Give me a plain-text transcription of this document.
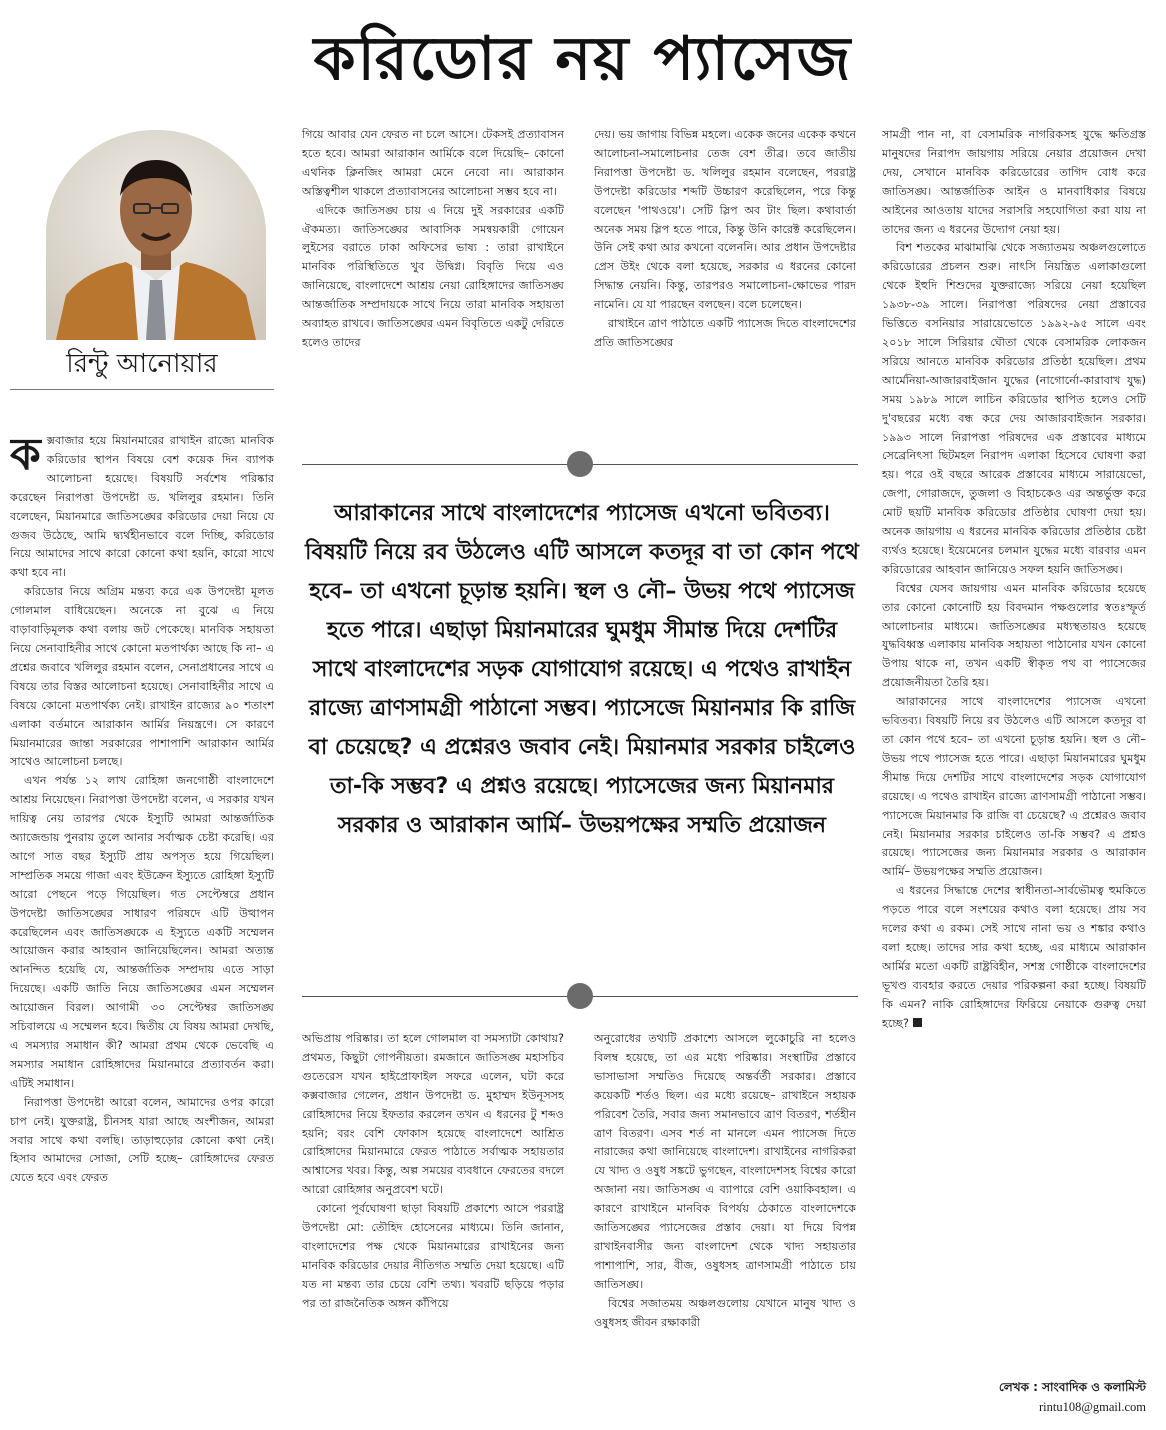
করিডোর নয় প্যাসেজ
রিন্টু আনোয়ার

কক্সবাজার হয়ে মিয়ানমারের রাখাইন রাজ্যে মানবিক করিডোর স্থাপন বিষয়ে বেশ কয়েক দিন ব্যাপক আলোচনা হয়েছে। বিষয়টি সর্বশেষ পরিষ্কার করেছেন নিরাপত্তা উপদেষ্টা ড. খলিলুর রহমান। তিনি বলেছেন, মিয়ানমারে জাতিসঙ্ঘের করিডোর দেয়া নিয়ে যে গুজব উঠেছে, আমি দ্ব্যর্থহীনভাবে বলে দিচ্ছি, করিডোর নিয়ে আমাদের সাথে কারো কোনো কথা হয়নি, কারো সাথে কথা হবে না।

করিডোর নিয়ে অগ্রিম মন্তব্য করে এক উপদেষ্টা মূলত গোলমাল বাধিয়েছেন। অনেকে না বুঝে এ নিয়ে বাড়াবাড়িমূলক কথা বলায় জট পেকেছে। মানবিক সহায়তা নিয়ে সেনাবাহিনীর সাথে কোনো মতপার্থক্য আছে কি না– এ প্রশ্নের জবাবে খলিলুর রহমান বলেন, সেনাপ্রধানের সাথে এ বিষয়ে তার বিস্তর আলোচনা হয়েছে। সেনাবাহিনীর সাথে এ বিষয়ে কোনো মতপার্থক্য নেই। রাখাইন রাজ্যের ৯০ শতাংশ এলাকা বর্তমানে আরাকান আর্মির নিয়ন্ত্রণে। সে কারণে মিয়ানমারের জান্তা সরকারের পাশাপাশি আরাকান আর্মির সাথেও আলোচনা চলছে।

এখন পর্যন্ত ১২ লাখ রোহিঙ্গা জনগোষ্ঠী বাংলাদেশে আশ্রয় নিয়েছেন। নিরাপত্তা উপদেষ্টা বলেন, এ সরকার যখন দায়িত্ব নেয় তারপর থেকে ইস্যুটি আমরা আন্তর্জাতিক অ্যাজেন্ডায় পুনরায় তুলে আনার সর্বাত্মক চেষ্টা করেছি। এর আগে সাত বছর ইস্যুটি প্রায় অপসৃত হয়ে গিয়েছিল। সাম্প্রতিক সময়ে গাজা এবং ইউক্রেন ইস্যুতে রোহিঙ্গা ইস্যুটি আরো পেছনে পড়ে গিয়েছিল। গত সেপ্টেম্বরে প্রধান উপদেষ্টা জাতিসঙ্ঘের সাধারণ পরিষদে এটি উত্থাপন করেছিলেন এবং জাতিসঙ্ঘকে এ ইস্যুতে একটি সম্মেলন আয়োজন করার আহবান জানিয়েছিলেন। আমরা অত্যন্ত আনন্দিত হয়েছি যে, আন্তর্জাতিক সম্প্রদায় এতে সাড়া দিয়েছে। একটি জাতি নিয়ে জাতিসঙ্ঘের এমন সম্মেলন আয়োজন বিরল। আগামী ৩০ সেপ্টেম্বর জাতিসঙ্ঘ সচিবালয়ে এ সম্মেলন হবে। দ্বিতীয় যে বিষয় আমরা দেখছি, এ সমস্যার সমাধান কী? আমরা প্রথম থেকে ভেবেছি এ সমস্যার সমাধান রোহিঙ্গাদের মিয়ানমারে প্রত্যাবর্তন করা। এটিই সমাধান।

নিরাপত্তা উপদেষ্টা আরো বলেন, আমাদের ওপর কারো চাপ নেই। যুক্তরাষ্ট্র, চীনসহ যারা আছে অংশীজন, আমরা সবার সাথে কথা বলছি। তাড়াহুড়োর কোনো কথা নেই। হিসাব আমাদের সোজা, সেটি হচ্ছে– রোহিঙ্গাদের ফেরত যেতে হবে এবং ফেরত

গিয়ে আবার যেন ফেরত না চলে আসে। টেকসই প্রত্যাবাসন হতে হবে। আমরা আরাকান আর্মিকে বলে দিয়েছি– কোনো এথনিক ক্লিনজিং আমরা মেনে নেবো না। আরাকান অস্তিত্বশীল থাকলে প্রত্যাবাসনের আলোচনা সম্ভব হবে না।

এদিকে জাতিসঙ্ঘ চায় এ নিয়ে দুই সরকারের একটি ঐকমত্য। জাতিসঙ্ঘের আবাসিক সমন্বয়কারী গোয়েন লুইসের বরাতে ঢাকা অফিসের ভাষ্য : তারা রাখাইনে মানবিক পরিস্থিতিতে খুব উদ্বিগ্ন। বিবৃতি দিয়ে এও জানিয়েছে, বাংলাদেশে আশ্রয় নেয়া রোহিঙ্গাদের জাতিসঙ্ঘ আন্তর্জাতিক সম্প্রদায়কে সাথে নিয়ে তারা মানবিক সহায়তা অব্যাহত রাখবে। জাতিসঙ্ঘের এমন বিবৃতিতে একটু দেরিতে হলেও তাদের

দেয়। ভয় জাগায় বিভিন্ন মহলে। একেক জনের একেক কথনে আলোচনা-সমালোচনার তেজ বেশ তীব্র। তবে জাতীয় নিরাপত্তা উপদেষ্টা ড. খলিলুর রহমান বলেছেন, পররাষ্ট্র উপদেষ্টা করিডোর শব্দটি উচ্চারণ করেছিলেন, পরে কিন্তু বলেছেন 'পাথওয়ে'। সেটি স্লিপ অব টাং ছিল। কথাবার্তা অনেক সময় স্লিপ হতে পারে, কিন্তু উনি কারেক্ট করেছিলেন। উনি সেই কথা আর কখনো বলেননি। আর প্রধান উপদেষ্টার প্রেস উইং থেকে বলা হয়েছে, সরকার এ ধরনের কোনো সিদ্ধান্ত নেয়নি। কিন্তু, তারপরও সমালোচনা-ক্ষোভের পারদ নামেনি। যে যা পারছেন বলছেন। বলে চলেছেন।

রাখাইনে ত্রাণ পাঠাতে একটি প্যাসেজ দিতে বাংলাদেশের প্রতি জাতিসঙ্ঘের

আরাকানের সাথে বাংলাদেশের প্যাসেজ এখনো ভবিতব্য। বিষয়টি নিয়ে রব উঠলেও এটি আসলে কতদূর বা তা কোন পথে হবে– তা এখনো চূড়ান্ত হয়নি। স্থল ও নৌ– উভয় পথে প্যাসেজ হতে পারে। এছাড়া মিয়ানমারের ঘুমধুম সীমান্ত দিয়ে দেশটির সাথে বাংলাদেশের সড়ক যোগাযোগ রয়েছে। এ পথেও রাখাইন রাজ্যে ত্রাণসামগ্রী পাঠানো সম্ভব। প্যাসেজে মিয়ানমার কি রাজি বা চেয়েছে? এ প্রশ্নেরও জবাব নেই। মিয়ানমার সরকার চাইলেও তা-কি সম্ভব? এ প্রশ্নও রয়েছে। প্যাসেজের জন্য মিয়ানমার সরকার ও আরাকান আর্মি– উভয়পক্ষের সম্মতি প্রয়োজন

অভিপ্রায় পরিষ্কার। তা হলে গোলমাল বা সমস্যাটা কোথায়? প্রথমত, কিছুটা গোপনীয়তা। রমজানে জাতিসঙ্ঘ মহাসচিব গুতেরেস যখন হাইপ্রোফাইল সফরে এলেন, ঘটা করে কক্সবাজার গেলেন, প্রধান উপদেষ্টা ড. মুহাম্মদ ইউনূসসহ রোহিঙ্গাদের নিয়ে ইফতার করলেন তখন এ ধরনের টু শব্দও হয়নি; বরং বেশি ফোকাস হয়েছে বাংলাদেশে আশ্রিত রোহিঙ্গাদের মিয়ানমারে ফেরত পাঠাতে সর্বাত্মক সহায়তার আশ্বাসের খবর। কিন্তু, অল্প সময়ের ব্যবধানে ফেরতের বদলে আরো রোহিঙ্গার অনুপ্রবেশ ঘটে।

কোনো পূর্বঘোষণা ছাড়া বিষয়টি প্রকাশ্যে আসে পররাষ্ট্র উপদেষ্টা মো: তৌহিদ হোসেনের মাধ্যমে। তিনি জানান, বাংলাদেশের পক্ষ থেকে মিয়ানমারের রাখাইনের জন্য মানবিক করিডোর দেয়ার নীতিগত সম্মতি দেয়া হয়েছে। এটি যত না মন্তব্য তার চেয়ে বেশি তথ্য। খবরটি ছড়িয়ে পড়ার পর তা রাজনৈতিক অঙ্গন কাঁপিয়ে

অনুরোধের তথ্যটি প্রকাশ্যে আসলে লুকোচুরি না হলেও বিলম্ব হয়েছে, তা এর মধ্যে পরিষ্কার। সংস্থাটির প্রস্তাবে ভাসাভাসা সম্মতিও দিয়েছে অন্তর্বর্তী সরকার। প্রস্তাবে কয়েকটি শর্তও ছিল। এর মধ্যে রয়েছে– রাখাইনে সহায়ক পরিবেশ তৈরি, সবার জন্য সমানভাবে ত্রাণ বিতরণ, শর্তহীন ত্রাণ বিতরণ। এসব শর্ত না মানলে এমন প্যাসেজ দিতে নারাজের কথা জানিয়েছে বাংলাদেশ। রাখাইনের নাগরিকরা যে খাদ্য ও ওষুধ সঙ্কটে ভুগছেন, বাংলাদেশসহ বিশ্বের কারো অজানা নয়। জাতিসঙ্ঘ এ ব্যাপারে বেশি ওয়াকিবহাল। এ কারণে রাখাইনে মানবিক বিপর্যয় ঠেকাতে বাংলাদেশকে জাতিসঙ্ঘের প্যাসেজের প্রস্তাব দেয়া। যা দিয়ে বিপন্ন রাখাইনবাসীর জন্য বাংলাদেশ থেকে খাদ্য সহায়তার পাশাপাশি, সার, বীজ, ওষুধসহ ত্রাণসামগ্রী পাঠাতে চায় জাতিসঙ্ঘ।

বিশ্বের সজাতময় অঞ্চলগুলোয় যেখানে মানুষ খাদ্য ও ওষুধসহ জীবন রক্ষাকারী

সামগ্রী পান না, বা বেসামরিক নাগরিকসহ যুদ্ধে ক্ষতিগ্রস্ত মানুষদের নিরাপদ জায়গায় সরিয়ে নেয়ার প্রয়োজন দেখা দেয়, সেখানে মানবিক করিডোরের তাগিদ বোধ করে জাতিসঙ্ঘ। আন্তর্জাতিক আইন ও মানবাধিকার বিষয়ে আইনের আওতায় যাদের সরাসরি সহযোগিতা করা যায় না তাদের জন্য এ ধরনের উদ্যোগ নেয়া হয়।

বিশ শতকের মাঝামাঝি থেকে সজ্যাতময় অঞ্চলগুলোতে করিডোরের প্রচলন শুরু। নাৎসি নিয়ন্ত্রিত এলাকাগুলো থেকে ইহুদি শিশুদের যুক্তরাজ্যে সরিয়ে নেয়া হয়েছিল ১৯৩৮-৩৯ সালে। নিরাপত্তা পরিষদের নেয়া প্রস্তাবের ভিত্তিতে বসনিয়ার সারায়েভোতে ১৯৯২-৯৫ সালে এবং ২০১৮ সালে সিরিয়ার ঘৌতা থেকে বেসামরিক লোকজন সরিয়ে আনতে মানবিক করিডোর প্রতিষ্ঠা হয়েছিল। প্রথম আর্মেনিয়া-আজারবাইজান যুদ্ধের (নাগোর্নো-কারাবাখ যুদ্ধ) সময় ১৯৮৯ সালে লাচিন করিডোর স্থাপিত হলেও সেটি দু'বছরের মধ্যে বন্ধ করে দেয় আজারবাইজান সরকার। ১৯৯৩ সালে নিরাপত্তা পরিষদের এক প্রস্তাবের মাধ্যমে সেব্রেনিৎসা ছিটমহল নিরাপদ এলাকা হিসেবে ঘোষণা করা হয়। পরে ওই বছরে আরেক প্রস্তাবের মাধ্যমে সারায়েভো, জেপা, গোরাজদে, তুজলা ও বিহাচকেও এর অন্তর্ভুক্ত করে মোট ছয়টি মানবিক করিডোর প্রতিষ্ঠার ঘোষণা দেয়া হয়। অনেক জায়গায় এ ধরনের মানবিক করিডোর প্রতিষ্ঠার চেষ্টা ব্যর্থও হয়েছে। ইয়েমেনের চলমান যুদ্ধের মধ্যে বারবার এমন করিডোরের আহবান জানিয়েও সফল হয়নি জাতিসঙ্ঘ।

বিশ্বের যেসব জায়গায় এমন মানবিক করিডোর হয়েছে তার কোনো কোনোটি হয় বিবদমান পক্ষগুলোর স্বতঃস্ফূর্ত আলোচনার মাধ্যমে। জাতিসঙ্ঘের মধ্যস্থতায়ও হয়েছে যুদ্ধবিধ্বস্ত এলাকায় মানবিক সহায়তা পাঠানোর যখন কোনো উপায় থাকে না, তখন একটি স্বীকৃত পথ বা প্যাসেজের প্রয়োজনীয়তা তৈরি হয়।

আরাকানের সাথে বাংলাদেশের প্যাসেজ এখনো ভবিতব্য। বিষয়টি নিয়ে রব উঠলেও এটি আসলে কতদূর বা তা কোন পথে হবে– তা এখনো চূড়ান্ত হয়নি। স্থল ও নৌ– উভয় পথে প্যাসেজ হতে পারে। এছাড়া মিয়ানমারের ঘুমধুম সীমান্ত দিয়ে দেশটির সাথে বাংলাদেশের সড়ক যোগাযোগ রয়েছে। এ পথেও রাখাইন রাজ্যে ত্রাণসামগ্রী পাঠানো সম্ভব। প্যাসেজে মিয়ানমার কি রাজি বা চেয়েছে? এ প্রশ্নেরও জবাব নেই। মিয়ানমার সরকার চাইলেও তা-কি সম্ভব? এ প্রশ্নও রয়েছে। প্যাসেজের জন্য মিয়ানমার সরকার ও আরাকান আর্মি– উভয়পক্ষের সম্মতি প্রয়োজন।

এ ধরনের সিদ্ধান্তে দেশের স্বাধীনতা-সার্বভৌমত্ব হুমকিতে পড়তে পারে বলে সংশয়ের কথাও বলা হয়েছে। প্রায় সব দলের কথা এ রকম। সেই সাথে নানা ভয় ও শঙ্কার কথাও বলা হচ্ছে। তাদের সার কথা হচ্ছে, এর মাধ্যমে আরাকান আর্মির মতো একটি রাষ্ট্রবিহীন, সশস্ত্র গোষ্ঠীকে বাংলাদেশের ভূখণ্ড ব্যবহার করতে দেয়ার পরিকল্পনা করা হচ্ছে। বিষয়টি কি এমন? নাকি রোহিঙ্গাদের ফিরিয়ে নেয়াকে গুরুত্ব দেয়া হচ্ছে?

লেখক : সাংবাদিক ও কলামিস্ট
rintu108@gmail.com
